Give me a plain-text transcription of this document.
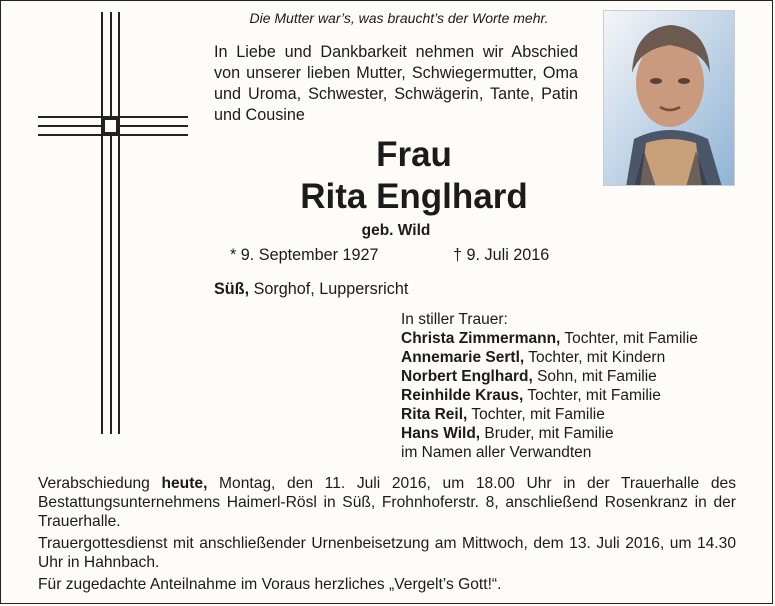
Die Mutter war’s, was braucht’s der Worte mehr.
In Liebe und Dankbarkeit nehmen wir Abschied von unserer lieben Mutter, Schwiegermutter, Oma und Uroma, Schwester, Schwägerin, Tante, Patin und Cousine
Frau
Rita Englhard
geb. Wild
* 9. September 1927	† 9. Juli 2016
Süß, Sorghof, Luppersricht
In stiller Trauer:
Christa Zimmermann, Tochter, mit Familie
Annemarie Sertl, Tochter, mit Kindern
Norbert Englhard, Sohn, mit Familie
Reinhilde Kraus, Tochter, mit Familie
Rita Reil, Tochter, mit Familie
Hans Wild, Bruder, mit Familie
im Namen aller Verwandten

Verabschiedung heute, Montag, den 11. Juli 2016, um 18.00 Uhr in der Trauerhalle des Bestattungsunternehmens Haimerl-Rösl in Süß, Frohnhoferstr. 8, anschließend Rosenkranz in der Trauerhalle.

Trauergottesdienst mit anschließender Urnenbeisetzung am Mittwoch, dem 13. Juli 2016, um 14.30 Uhr in Hahnbach.

Für zugedachte Anteilnahme im Voraus herzliches „Vergelt’s Gott!“.
